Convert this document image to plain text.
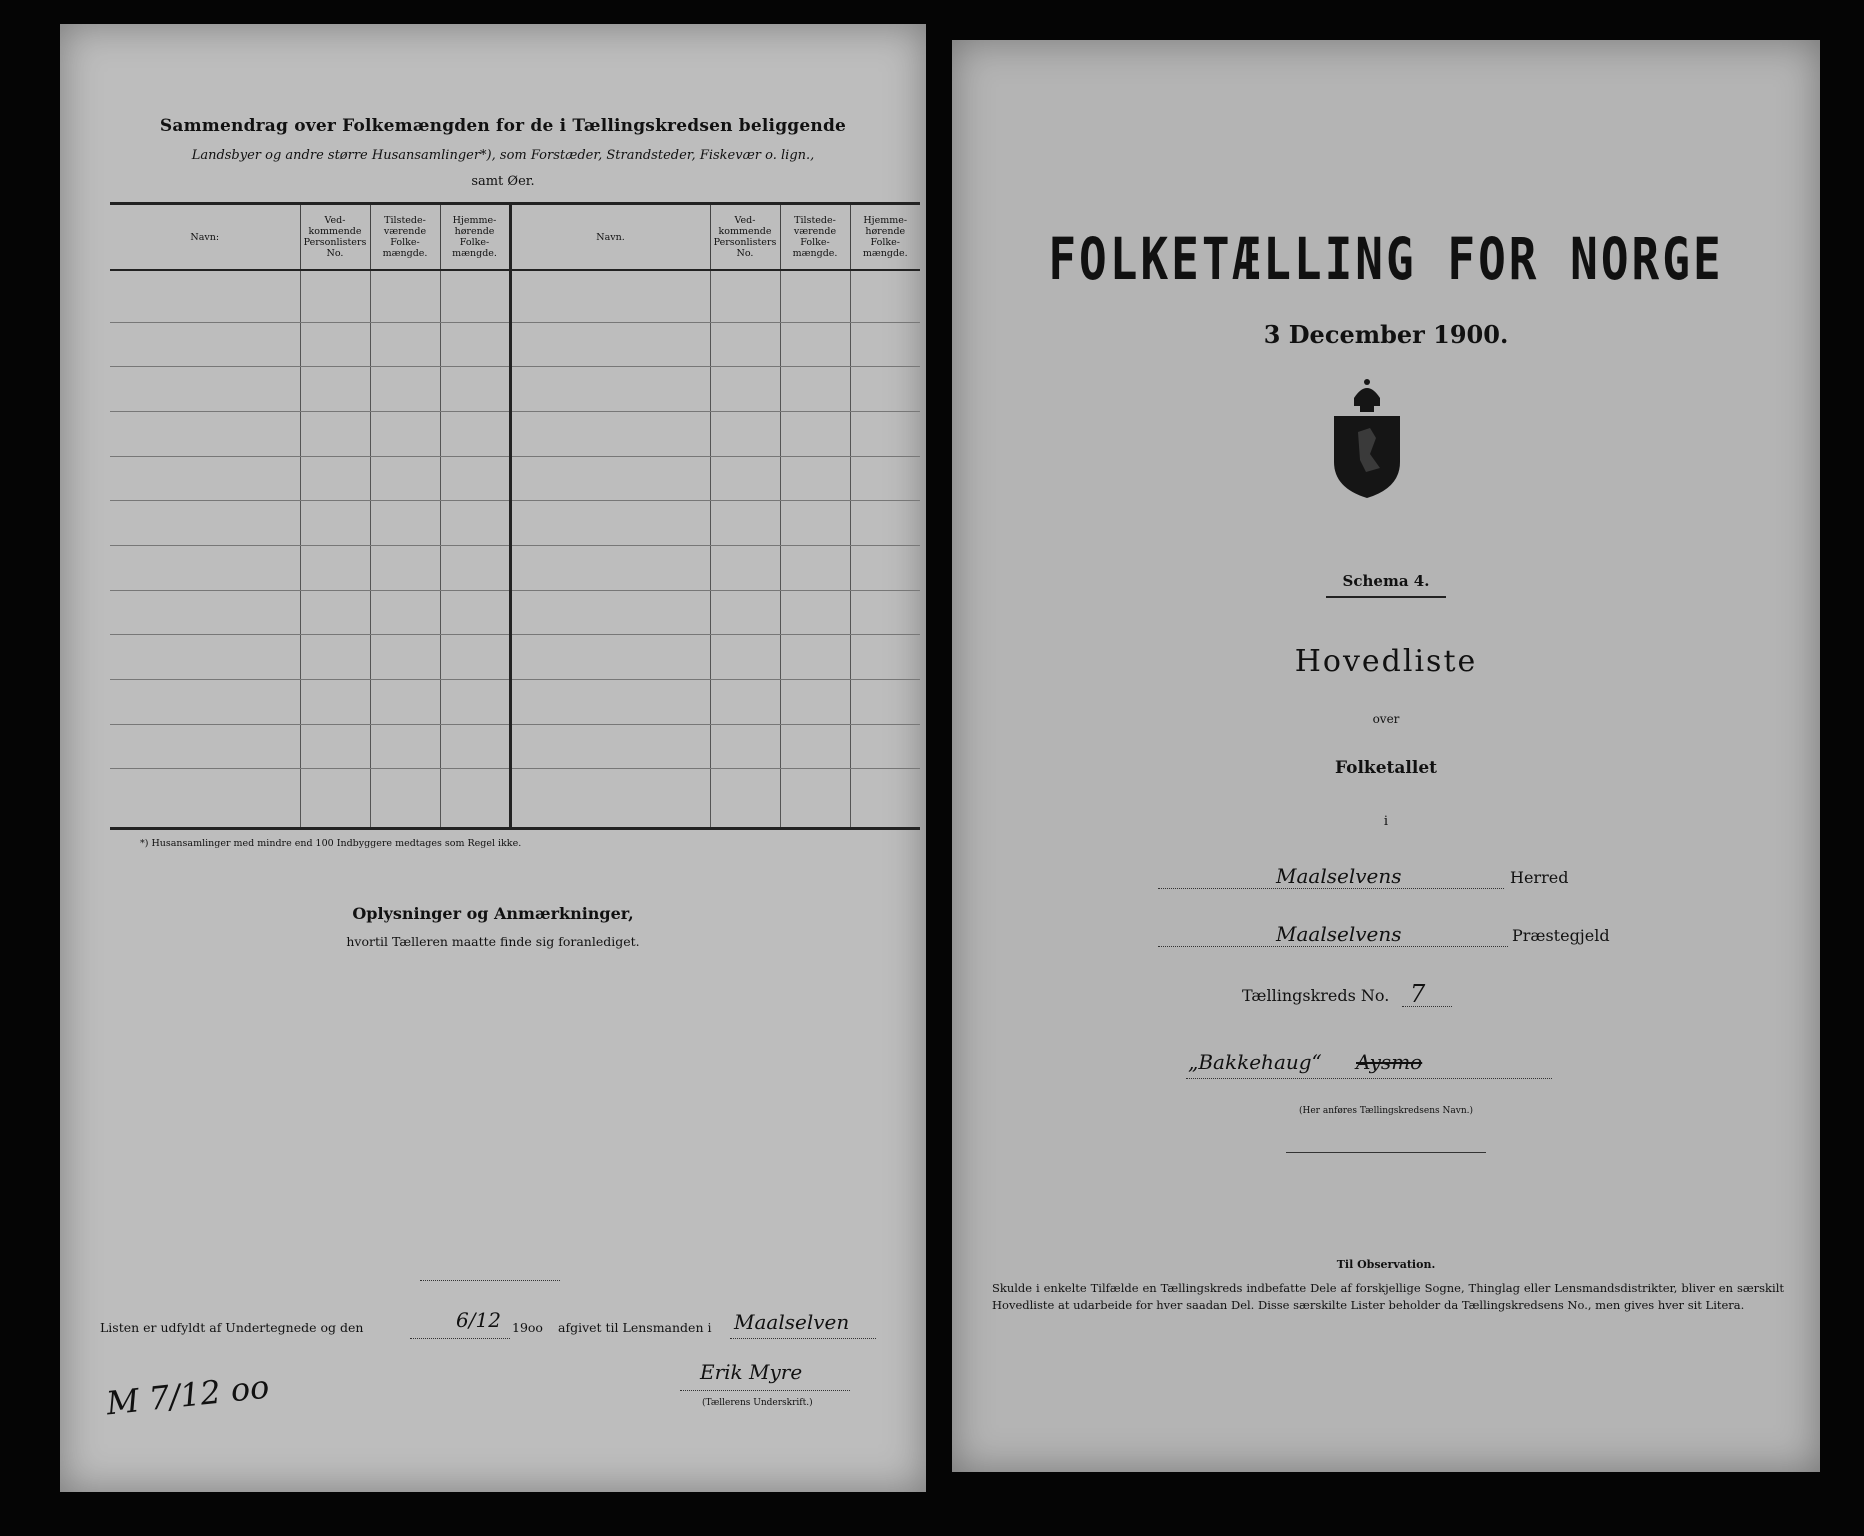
Sammendrag over Folkemængden for de i Tællingskredsen beliggende
Landsbyer og andre større Husansamlinger*), som Forstæder, Strandsteder, Fiskevær o. lign.,
samt Øer.
Navn:	Ved-kommende Personlisters No.	Tilstede-værende Folke-mængde.	Hjemme-hørende Folke-mængde.	Navn.	Ved-kommende Personlisters No.	Tilstede-værende Folke-mængde.	Hjemme-hørende Folke-mængde.

*) Husansamlinger med mindre end 100 Indbyggere medtages som Regel ikke.
Oplysninger og Anmærkninger,
hvortil Tælleren maatte finde sig foranlediget.
Listen er udfyldt af Undertegnede og den	6/12 19oo afgivet til Lensmanden i Maalselven
Erik Myre
(Tællerens Underskrift.)
M 7/12 oo
FOLKETÆLLING FOR NORGE
3 December 1900.
Schema 4.
Hovedliste
over
Folketallet
i
Maalselvens	Herred
Maalselvens	Præstegjeld
Tællingskreds No. 7
„Bakkehaug“ Aysmo
(Her anføres Tællingskredsens Navn.)
Til Observation.
Skulde i enkelte Tilfælde en Tællingskreds indbefatte Dele af forskjellige Sogne, Thinglag eller Lensmandsdistrikter, bliver en særskilt Hovedliste at udarbeide for hver saadan Del. Disse særskilte Lister beholder da Tællingskredsens No., men gives hver sit Litera.
